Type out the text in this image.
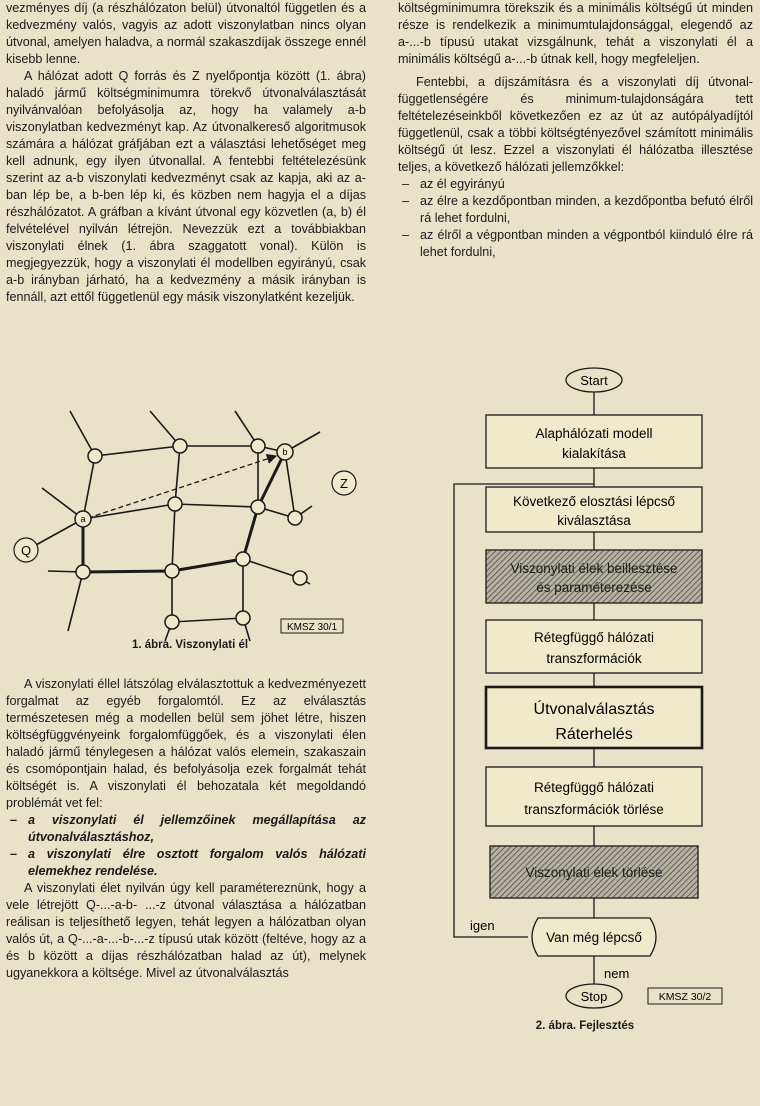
vezményes díj (a részhálózaton belül) útvonaltól független és a kedvezmény valós, vagyis az adott viszonylatban nincs olyan útvonal, amelyen haladva, a normál szakaszdíjak összege ennél kisebb lenne.

A hálózat adott Q forrás és Z nyelőpontja között (1. ábra) haladó jármű költségminimumra törekvő útvonalválasztását nyilvánvalóan befolyásolja az, hogy ha valamely a-b viszonylatban kedvezményt kap. Az útvonalkereső algoritmusok számára a hálózat gráfjában ezt a választási lehetőséget meg kell adnunk, egy ilyen útvonallal. A fentebbi feltételezésünk szerint az a-b viszonylati kedvezményt csak az kapja, aki az a-ban lép be, a b-ben lép ki, és közben nem hagyja el a díjas részhálózatot. A gráfban a kívánt útvonal egy közvetlen (a, b) él felvételével nyilván létrejön. Nevezzük ezt a továbbiakban viszonylati élnek (1. ábra szaggatott vonal). Külön is megjegyezzük, hogy a viszonylati él modellben egyirányú, csak a-b irányban járható, ha a kedvezmény a másik irányban is fennáll, azt ettől függetlenül egy másik viszonylatként kezeljük.

a
b
Q
Z
KMSZ 30/1
1. ábra. Viszonylati él

A viszonylati éllel látszólag elválasztottuk a kedvezményezett forgalmat az egyéb forgalomtól. Ez az elválasztás természetesen még a modellen belül sem jöhet létre, hiszen költségfüggvényeink forgalomfüggőek, és a viszonylati élen haladó jármű ténylegesen a hálózat valós elemein, szakaszain és csomópontjain halad, és befolyásolja ezek forgalmát tehát költségét is. A viszonylati él behozatala két megoldandó problémát vet fel:

– a viszonylati él jellemzőinek megállapítása az útvonalválasztáshoz,
– a viszonylati élre osztott forgalom valós hálózati elemekhez rendelése.

A viszonylati élet nyilván úgy kell paramétereznünk, hogy a vele létrejött Q-...-a-b- ...-z útvonal választása a hálózatban reálisan is teljesíthető legyen, tehát legyen a hálózatban olyan valós út, a Q-...-a-...-b-...-z típusú utak között (feltéve, hogy az a és b között a díjas részhálózatban halad az út), melynek ugyanekkora a költsége. Mivel az útvonalválasztás

költségminimumra törekszik és a minimális költségű út minden része is rendelkezik a minimumtulajdonsággal, elegendő az a-...-b típusú utakat vizsgálnunk, tehát a viszonylati él a minimális költségű a-...-b útnak kell, hogy megfeleljen.

Fentebbi, a díjszámításra és a viszonylati díj útvonal-függetlenségére és minimum-tulajdonságára tett feltételezéseinkből következően ez az út az autópályadíjtól függetlenül, csak a többi költségtényezővel számított minimális költségű út lesz. Ezzel a viszonylati él hálózatba illesztése teljes, a következő hálózati jellemzőkkel:

– az él egyirányú
– az élre a kezdőpontban minden, a kezdőpontba befutó élről rá lehet fordulni,
– az élről a végpontban minden a végpontból kiinduló élre rá lehet fordulni,
Start
Alaphálózati modell
kialakítása
Következő elosztási lépcső
kiválasztása
Viszonylati élek beillesztése
és paraméterezése
Rétegfüggő hálózati
transzformációk
Útvonalválasztás
Ráterhelés
Rétegfüggő hálózati
transzformációk törlése
Viszonylati élek törlése
Van még lépcső
igen
nem
Stop	KMSZ 30/2
2. ábra. Fejlesztés
